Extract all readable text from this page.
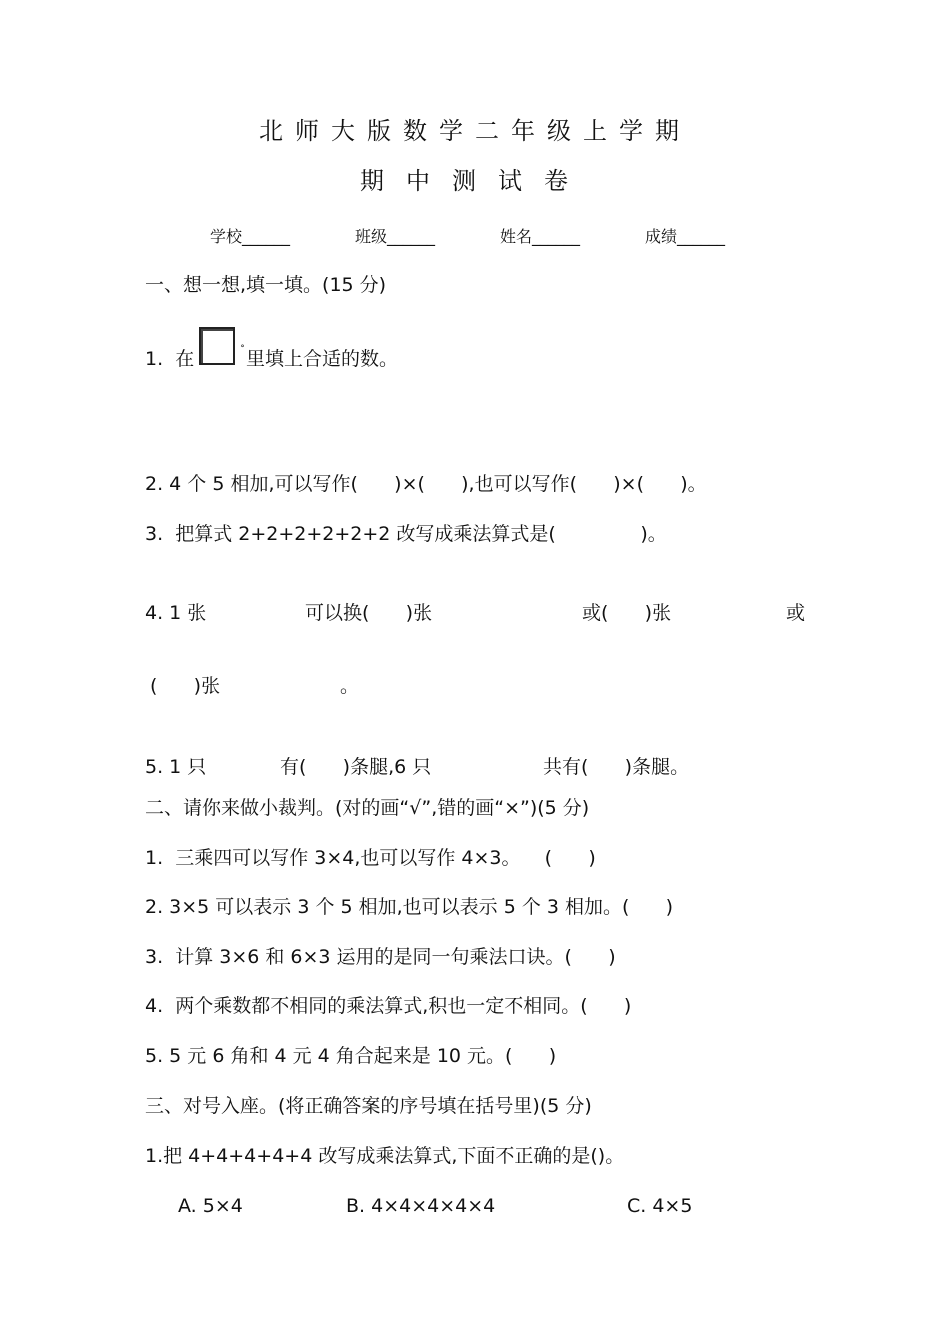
北师大版数学二年级上学期
期中测试卷
学校______	班级______	姓名______	成绩______
一、想一想,填一填。(15 分)
1.  在	˚ 里填上合适的数。
2. 4 个 5 相加,可以写作(      )×(      ),也可以写作(      )×(      )。
3.  把算式 2+2+2+2+2+2 改写成乘法算式是(              )。
4. 1 张	可以换(      )张	或(      )张	或
(      )张	。
5. 1 只	有(      )条腿,6 只	共有(      )条腿。
二、请你来做小裁判。(对的画“√”,错的画“×”)(5 分)
1.  三乘四可以写作 3×4,也可以写作 4×3。    (      )
2. 3×5 可以表示 3 个 5 相加,也可以表示 5 个 3 相加。(      )
3.  计算 3×6 和 6×3 运用的是同一句乘法口诀。(      )
4.  两个乘数都不相同的乘法算式,积也一定不相同。(      )
5. 5 元 6 角和 4 元 4 角合起来是 10 元。(      )
三、对号入座。(将正确答案的序号填在括号里)(5 分)
1.把 4+4+4+4+4 改写成乘法算式,下面不正确的是()。
A. 5×4	B. 4×4×4×4×4	C. 4×5
